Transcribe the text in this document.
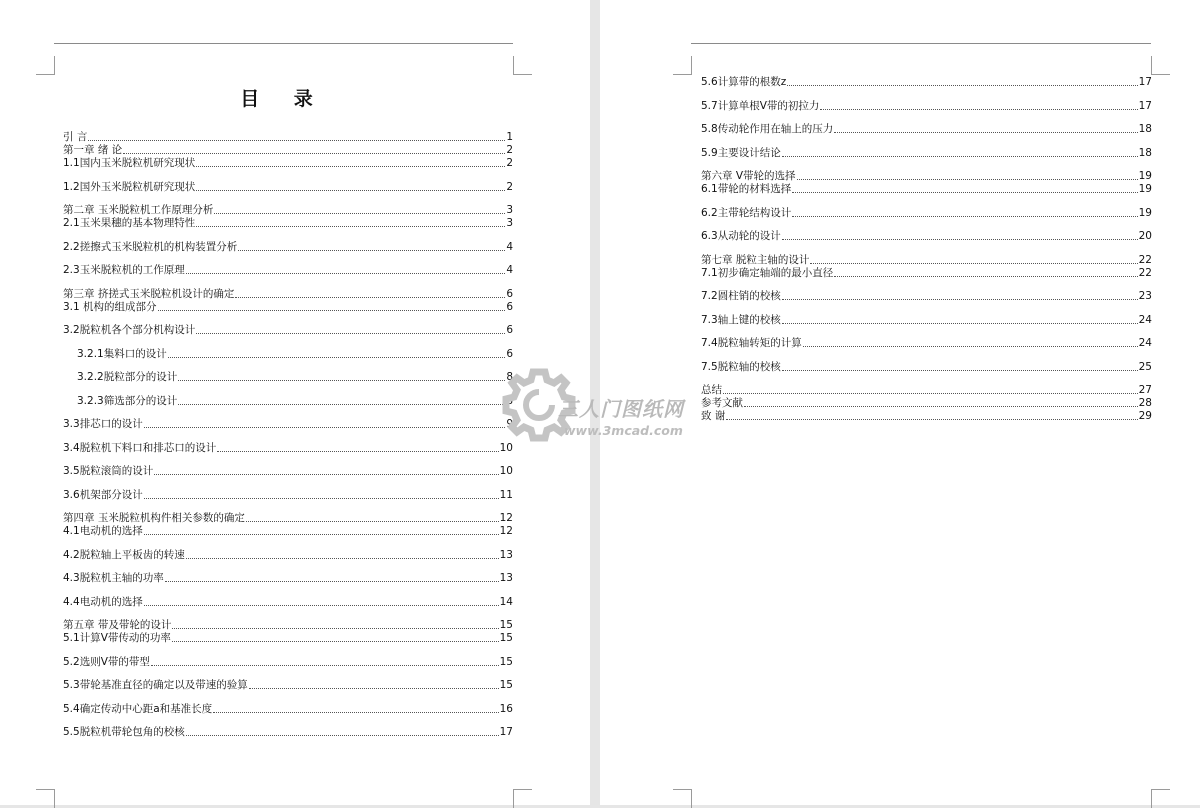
目 录
引 言	1
第一章 绪 论	2
1.1国内玉米脱粒机研究现状	2
1.2国外玉米脱粒机研究现状	2
第二章 玉米脱粒机工作原理分析	3
2.1玉米果穗的基本物理特性	3
2.2搓擦式玉米脱粒机的机构装置分析	4
2.3玉米脱粒机的工作原理	4
第三章 挤搓式玉米脱粒机设计的确定	6
3.1 机构的组成部分	6
3.2脱粒机各个部分机构设计	6
3.2.1集料口的设计	6
3.2.2脱粒部分的设计	8
3.2.3筛选部分的设计	8
3.3排芯口的设计	9
3.4脱粒机下料口和排芯口的设计	10
3.5脱粒滚筒的设计	10
3.6机架部分设计	11
第四章 玉米脱粒机构件相关参数的确定	12
4.1电动机的选择	12
4.2脱粒轴上平板齿的转速	13
4.3脱粒机主轴的功率	13
4.4电动机的选择	14
第五章 带及带轮的设计	15
5.1计算V带传动的功率	15
5.2选则V带的带型	15
5.3带轮基准直径的确定以及带速的验算	15
5.4确定传动中心距a和基准长度	16
5.5脱粒机带轮包角的校核	17
5.6计算带的根数z	17
5.7计算单根V带的初拉力	17
5.8传动轮作用在轴上的压力	18
5.9主要设计结论	18
第六章 V带轮的选择	19
6.1带轮的材料选择	19
6.2主带轮结构设计	19
6.3从动轮的设计	20
第七章 脱粒主轴的设计	22
7.1初步确定轴端的最小直径	22
7.2圆柱销的校核	23
7.3轴上键的校核	24
7.4脱粒轴转矩的计算	24
7.5脱粒轴的校核	25
总结	27
参考文献	28
致 谢	29
三人门图纸网
www.3mcad.com
